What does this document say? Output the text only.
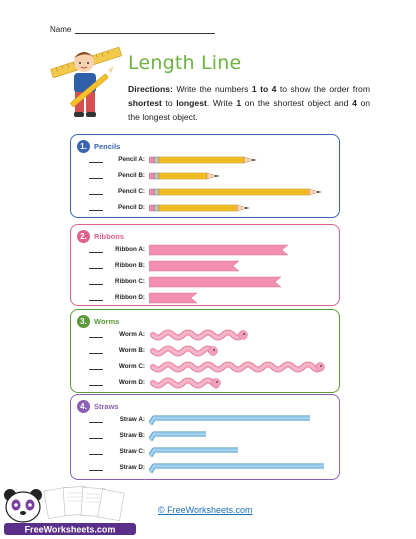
Name
Length Line
Directions: Write the numbers 1 to 4 to show the order from shortest to longest. Write 1 on the shortest object and 4 on the longest object.
1. Pencils
Pencil A:
Pencil B:
Pencil C:
Pencil D:
2. Ribbons
Ribbon A:
Ribbon B:
Ribbon C:
Ribbon D:
3. Worms
Worm A:
Worm B:
Worm C:
Worm D:
4. Straws
Straw A:
Straw B:
Straw C:
Straw D:
© FreeWorksheets.com
FreeWorksheets.com
